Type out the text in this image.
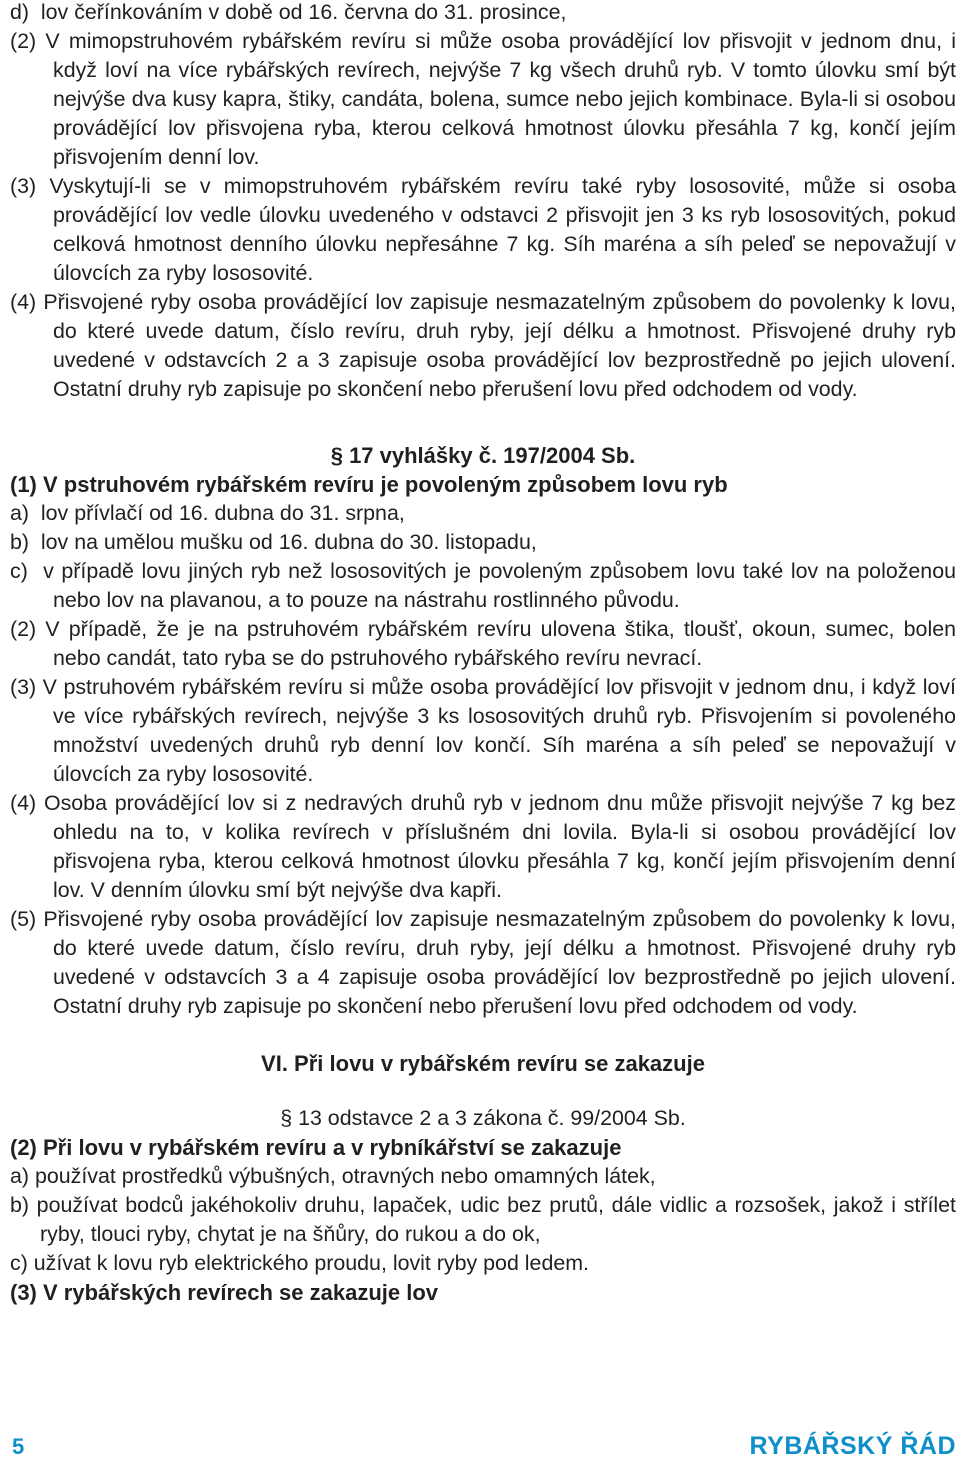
d)  lov čeřínkováním v době od 16. června do 31. prosince,

(2) V mimopstruhovém rybářském revíru si může osoba provádějící lov přisvojit v jednom dnu, i když loví na více rybářských revírech, nejvýše 7 kg všech druhů ryb. V tomto úlovku smí být nejvýše dva kusy kapra, štiky, candáta, bolena, sumce nebo jejich kombinace. Byla-li si osobou provádějící lov přisvojena ryba, kterou celková hmotnost úlovku přesáhla 7 kg, končí jejím přisvojením denní lov.

(3) Vyskytují-li se v mimopstruhovém rybářském revíru také ryby lososovité, může si osoba provádějící lov vedle úlovku uvedeného v odstavci 2 přisvojit jen 3 ks ryb lososovitých, pokud celková hmotnost denního úlovku nepřesáhne 7 kg. Síh maréna a síh peleď se nepovažují v úlovcích za ryby lososovité.

(4) Přisvojené ryby osoba provádějící lov zapisuje nesmazatelným způsobem do povolenky k lovu, do které uvede datum, číslo revíru, druh ryby, její délku a hmotnost. Přisvojené druhy ryb uvedené v odstavcích 2 a 3 zapisuje osoba provádějící lov bezprostředně po jejich ulovení. Ostatní druhy ryb zapisuje po skončení nebo přerušení lovu před odchodem od vody.

§ 17 vyhlášky č. 197/2004 Sb.

(1) V pstruhovém rybářském revíru je povoleným způsobem lovu ryb

a)  lov přívlačí od 16. dubna do 31. srpna,

b)  lov na umělou mušku od 16. dubna do 30. listopadu,

c)  v případě lovu jiných ryb než lososovitých je povoleným způsobem lovu také lov na položenou nebo lov na plavanou, a to pouze na nástrahu rostlinného původu.

(2) V případě, že je na pstruhovém rybářském revíru ulovena štika, tloušť, okoun, sumec, bolen nebo candát, tato ryba se do pstruhového rybářského revíru nevrací.

(3) V pstruhovém rybářském revíru si může osoba provádějící lov přisvojit v jednom dnu, i když loví ve více rybářských revírech, nejvýše 3 ks lososovitých druhů ryb. Přisvojením si povoleného množství uvedených druhů ryb denní lov končí. Síh maréna a síh peleď se nepovažují v úlovcích za ryby lososovité.

(4) Osoba provádějící lov si z nedravých druhů ryb v jednom dnu může přisvojit nejvýše 7 kg bez ohledu na to, v kolika revírech v příslušném dni lovila. Byla-li si osobou provádějící lov přisvojena ryba, kterou celková hmotnost úlovku přesáhla 7 kg, končí jejím přisvojením denní lov. V denním úlovku smí být nejvýše dva kapři.

(5) Přisvojené ryby osoba provádějící lov zapisuje nesmazatelným způsobem do povolenky k lovu, do které uvede datum, číslo revíru, druh ryby, její délku a hmotnost. Přisvojené druhy ryb uvedené v odstavcích 3 a 4 zapisuje osoba provádějící lov bezprostředně po jejich ulovení. Ostatní druhy ryb zapisuje po skončení nebo přerušení lovu před odchodem od vody.

VI. Při lovu v rybářském revíru se zakazuje

§ 13 odstavce 2 a 3 zákona č. 99/2004 Sb.

(2) Při lovu v rybářském revíru a v rybníkářství se zakazuje

a) používat prostředků výbušných, otravných nebo omamných látek,

b) používat bodců jakéhokoliv druhu, lapaček, udic bez prutů, dále vidlic a rozsošek, jakož i střílet ryby, tlouci ryby, chytat je na šňůry, do rukou a do ok,

c) užívat k lovu ryb elektrického proudu, lovit ryby pod ledem.

(3) V rybářských revírech se zakazuje lov

5	RYBÁŘSKÝ ŘÁD
